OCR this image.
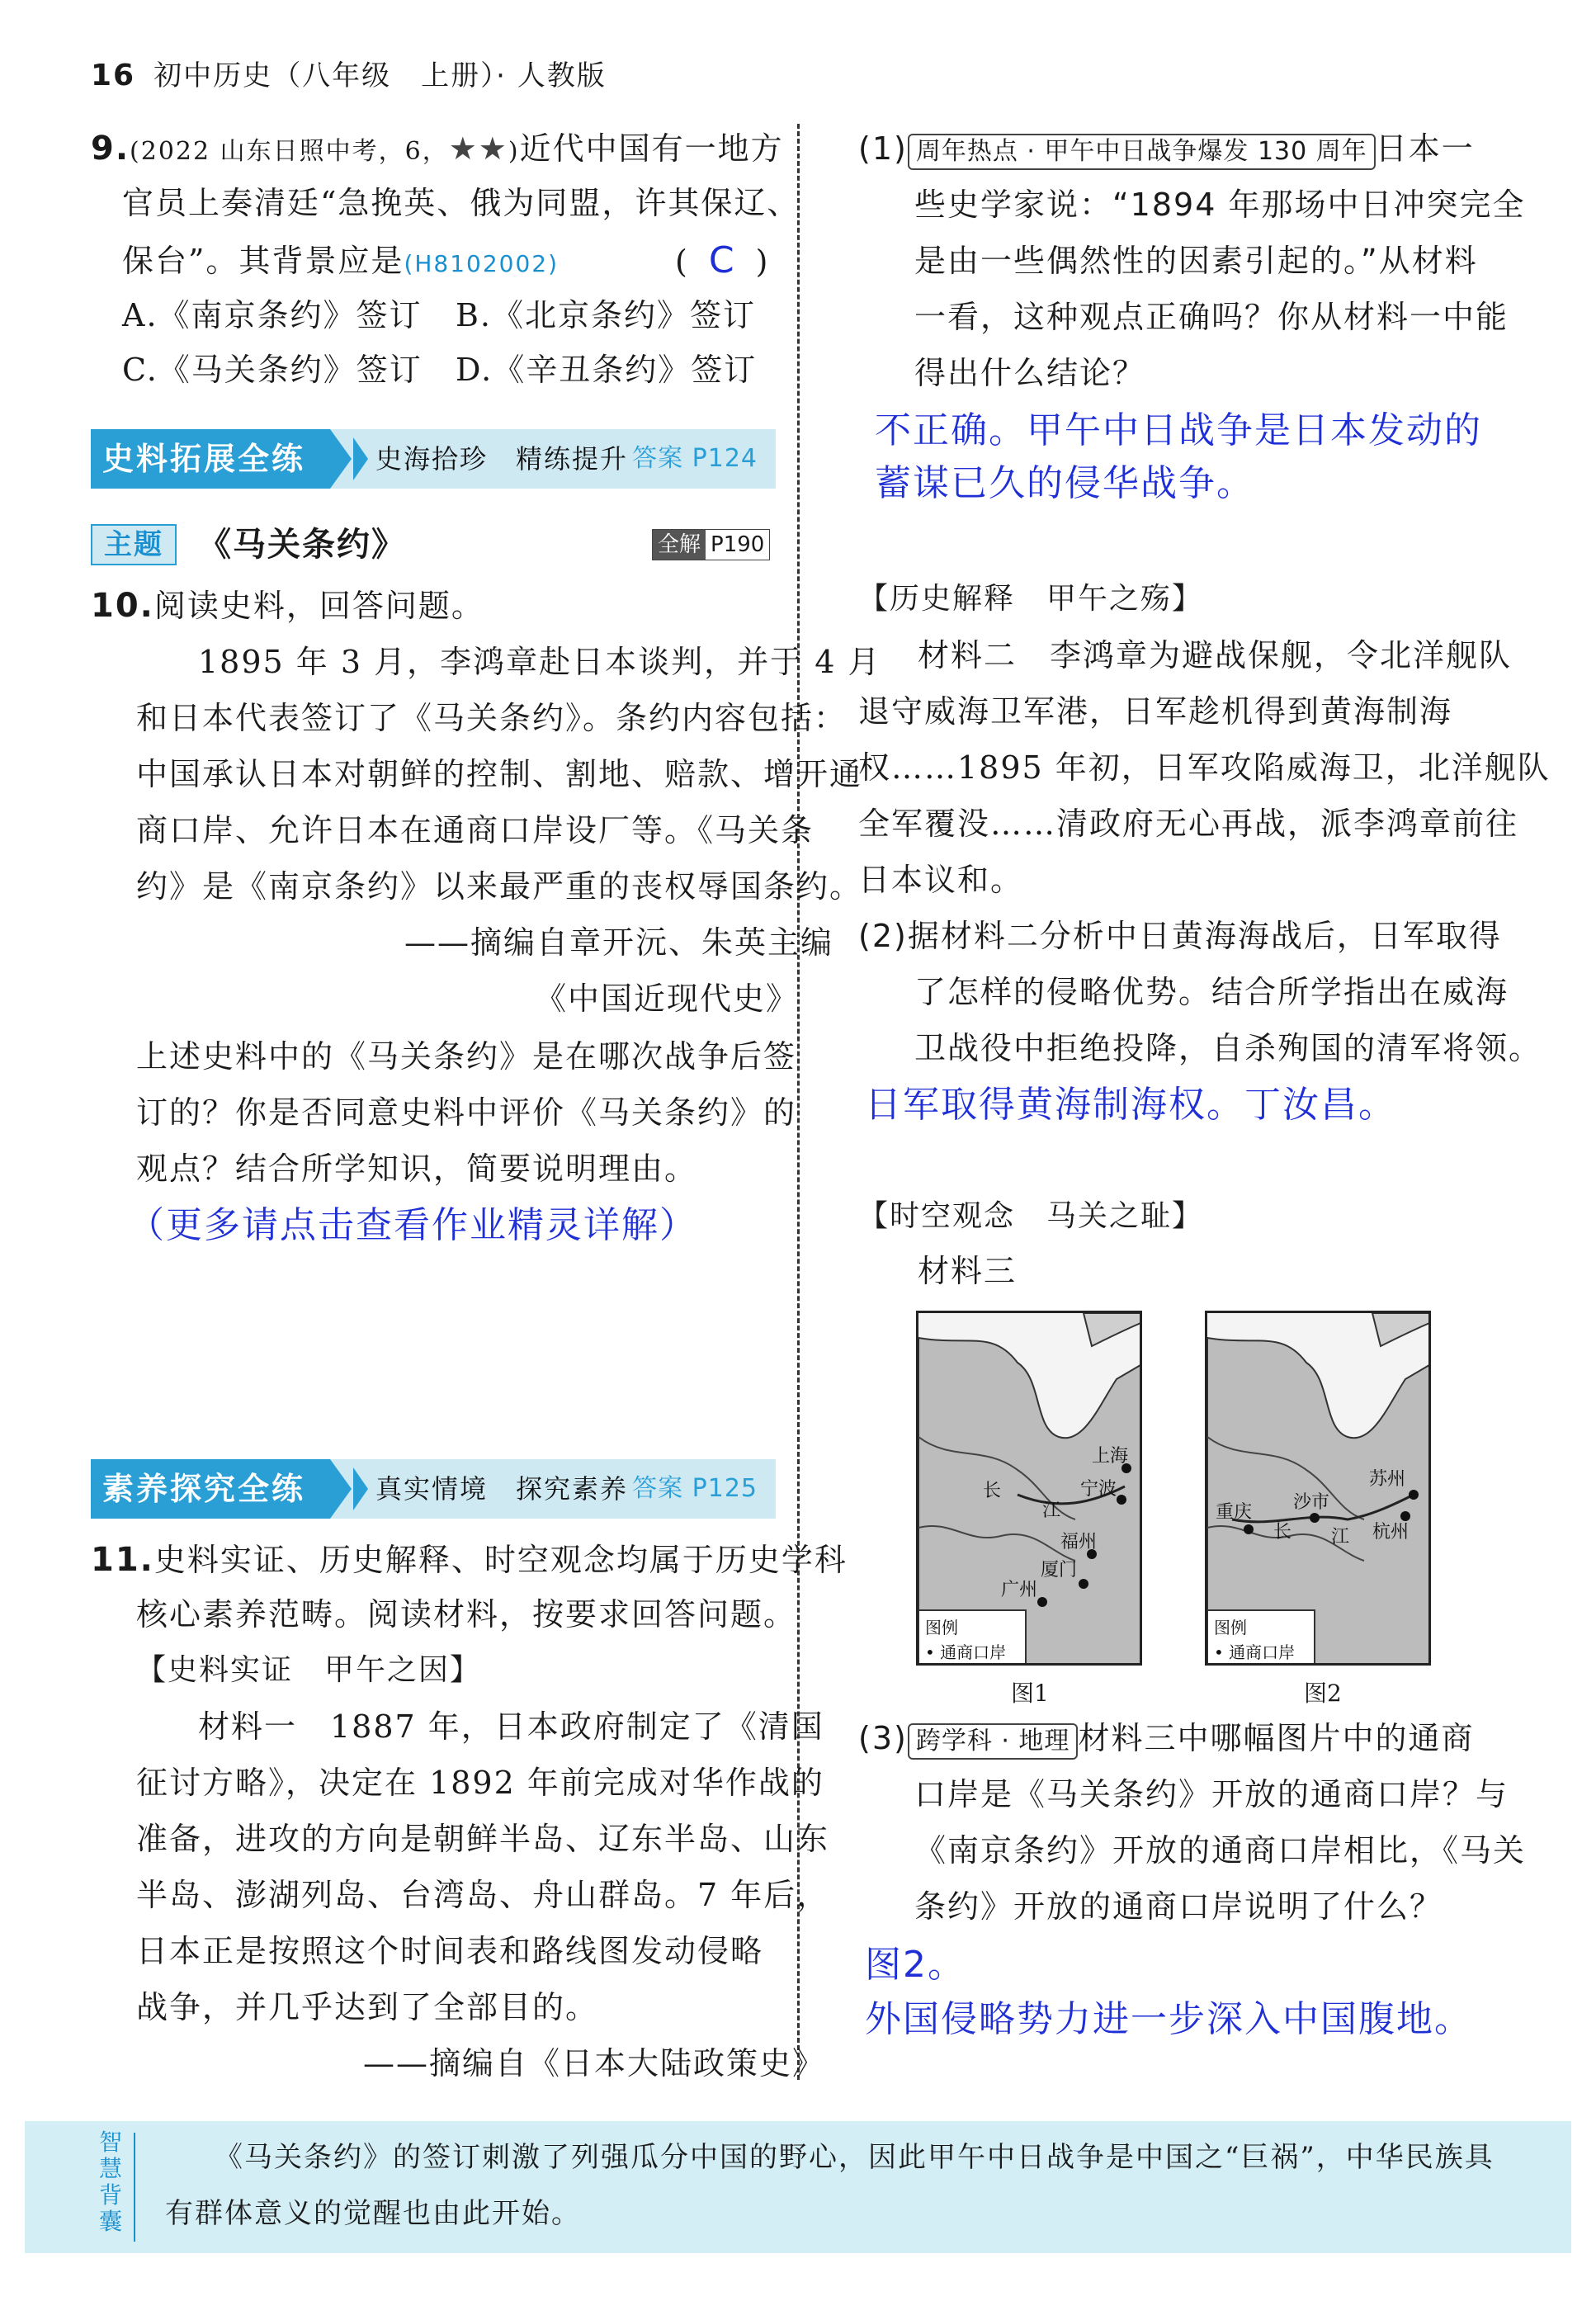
16 初中历史（八年级　上册）· 人教版
9.(2022 山东日照中考，6，★★)近代中国有一地方
官员上奏清廷“急挽英、俄为同盟，许其保辽、
保台”。其背景应是(H8102002)	( C )
A.《南京条约》签订 B.《北京条约》签订
C.《马关条约》签订 D.《辛丑条约》签订
史料拓展全练	史海拾珍　精练提升 答案 P124
主题	《马关条约》	全解 P190
10.阅读史料，回答问题。
1895 年 3 月，李鸿章赴日本谈判，并于 4 月
和日本代表签订了《马关条约》。条约内容包括：
中国承认日本对朝鲜的控制、割地、赔款、增开通
商口岸、允许日本在通商口岸设厂等。《马关条
约》是《南京条约》以来最严重的丧权辱国条约。
——摘编自章开沅、朱英主编
《中国近现代史》
上述史料中的《马关条约》是在哪次战争后签
订的？你是否同意史料中评价《马关条约》的
观点？结合所学知识，简要说明理由。
（更多请点击查看作业精灵详解）
素养探究全练	真实情境　探究素养 答案 P125
11.史料实证、历史解释、时空观念均属于历史学科
核心素养范畴。阅读材料，按要求回答问题。
【史料实证　甲午之因】
材料一　1887 年，日本政府制定了《清国
征讨方略》，决定在 1892 年前完成对华作战的
准备，进攻的方向是朝鲜半岛、辽东半岛、山东
半岛、澎湖列岛、台湾岛、舟山群岛。7 年后，
日本正是按照这个时间表和路线图发动侵略
战争，并几乎达到了全部目的。
——摘编自《日本大陆政策史》
(1) 周年热点 · 甲午中日战争爆发 130 周年 日本一
些史学家说：“1894 年那场中日冲突完全
是由一些偶然性的因素引起的。”从材料
一看，这种观点正确吗？你从材料一中能
得出什么结论？
不正确。甲午中日战争是日本发动的
蓄谋已久的侵华战争。
【历史解释　甲午之殇】
材料二　李鸿章为避战保舰，令北洋舰队
退守威海卫军港，日军趁机得到黄海制海
权……1895 年初，日军攻陷威海卫，北洋舰队
全军覆没……清政府无心再战，派李鸿章前往
日本议和。
(2)据材料二分析中日黄海海战后，日军取得
了怎样的侵略优势。结合所学指出在威海
卫战役中拒绝投降，自杀殉国的清军将领。
日军取得黄海制海权。丁汝昌。
【时空观念　马关之耻】
材料三
上海
宁波
长
江
福州
厦门
广州
图例
• 通商口岸
图1
苏州
沙市
重庆
长 江 杭州
图例
• 通商口岸
图2
(3) 跨学科 · 地理 材料三中哪幅图片中的通商
口岸是《马关条约》开放的通商口岸？与
《南京条约》开放的通商口岸相比，《马关
条约》开放的通商口岸说明了什么？
图2。
外国侵略势力进一步深入中国腹地。
智
慧
背
囊
《马关条约》的签订刺激了列强瓜分中国的野心，因此甲午中日战争是中国之“巨祸”，中华民族具
有群体意义的觉醒也由此开始。
